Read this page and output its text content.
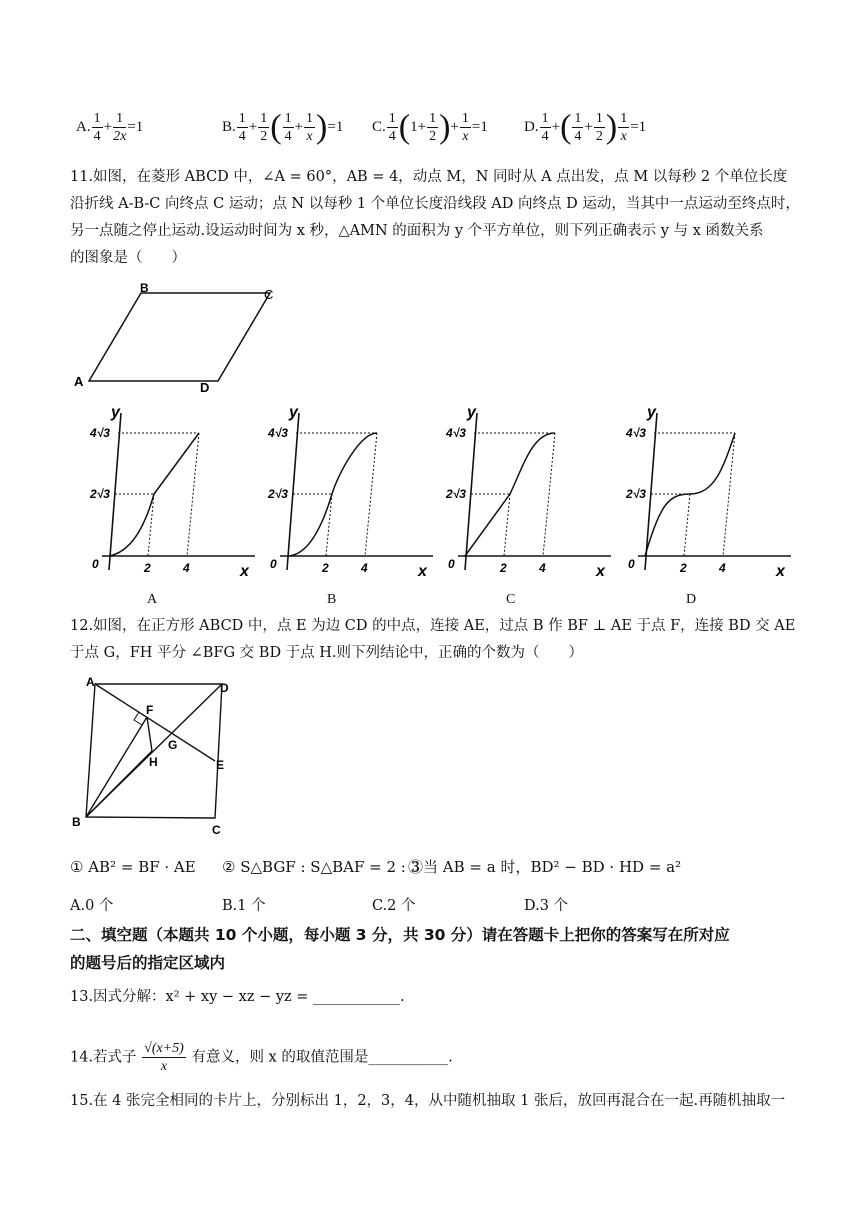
A. $\frac{1}{4} + \frac{1}{2x} =1$	B. $\frac{1}{4} + \frac{1}{2}$ ( $\frac{1}{4} + \frac{1}{x} )=1$ C. $\frac{1}{4} (1+ \frac{1}{2}$ )+ $\frac{1}{x} =1$ D. $\frac{1}{4}$ +( $\frac{1}{4} + \frac{1}{2}$ ) $\frac{1}{x} =1$
11.如图，在菱形 ABCD 中，∠A = 60°，AB = 4，动点 M，N 同时从 A 点出发，点 M 以每秒 2 个单位长度
沿折线 A-B-C 向终点 C 运动；点 N 以每秒 1 个单位长度沿线段 AD 向终点 D 运动，当其中一点运动至终点时，
另一点随之停止运动.设运动时间为 x 秒，△AMN 的面积为 y 个平方单位，则下列正确表示 y 与 x 函数关系
的图象是（　　）
B	C
A	D
y
x
0	2	4
2√3
4√3
y
x
0	2	4
2√3
4√3
y
x
0	2	4
2√3
4√3
y
x
0	2	4
2√3
4√3
A	B	C	D
12.如图，在正方形 ABCD 中，点 E 为边 CD 的中点，连接 AE，过点 B 作 BF ⊥ AE 于点 F，连接 BD 交 AE
于点 G，FH 平分 ∠BFG 交 BD 于点 H.则下列结论中，正确的个数为（　　）
A	D
F
G
H	E
B
C
① AB² = BF · AE ② S△BGF : S△BAF = 2 : 3
③当 AB = a 时，BD² − BD · HD = a²
A.0 个	B.1 个	C.2 个	D.3 个
二、填空题（本题共 10 个小题，每小题 3 分，共 30 分）请在答题卡上把你的答案写在所对应
的题号后的指定区域内
13.因式分解：x² + xy − xz − yz = ____________.
14.若式子 $\frac{√(x+5)}{x}$ 有意义，则 x 的取值范围是___________.
15.在 4 张完全相同的卡片上，分别标出 1，2，3，4，从中随机抽取 1 张后，放回再混合在一起.再随机抽取一
